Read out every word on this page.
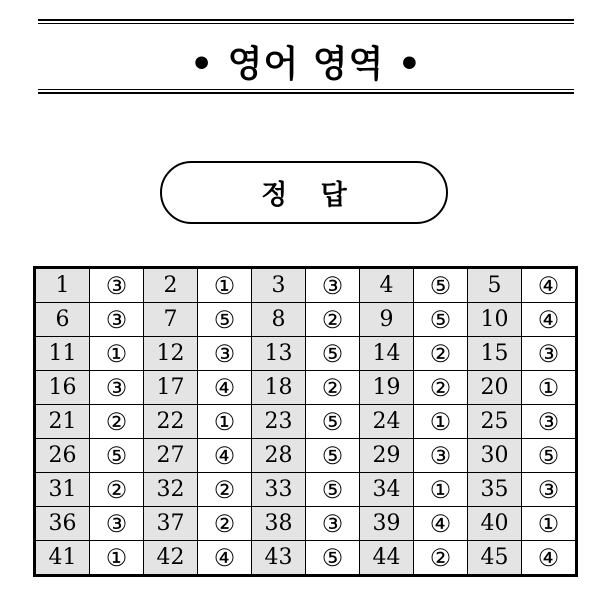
• 영어 영역 •
정 답
1	③	2	①	3	③	4	⑤	5	④
6	③	7	⑤	8	②	9	⑤	10	④
11	①	12	③	13	⑤	14	②	15	③
16	③	17	④	18	②	19	②	20	①
21	②	22	①	23	⑤	24	①	25	③
26	⑤	27	④	28	⑤	29	③	30	⑤
31	②	32	②	33	⑤	34	①	35	③
36	③	37	②	38	③	39	④	40	①
41	①	42	④	43	⑤	44	②	45	④
